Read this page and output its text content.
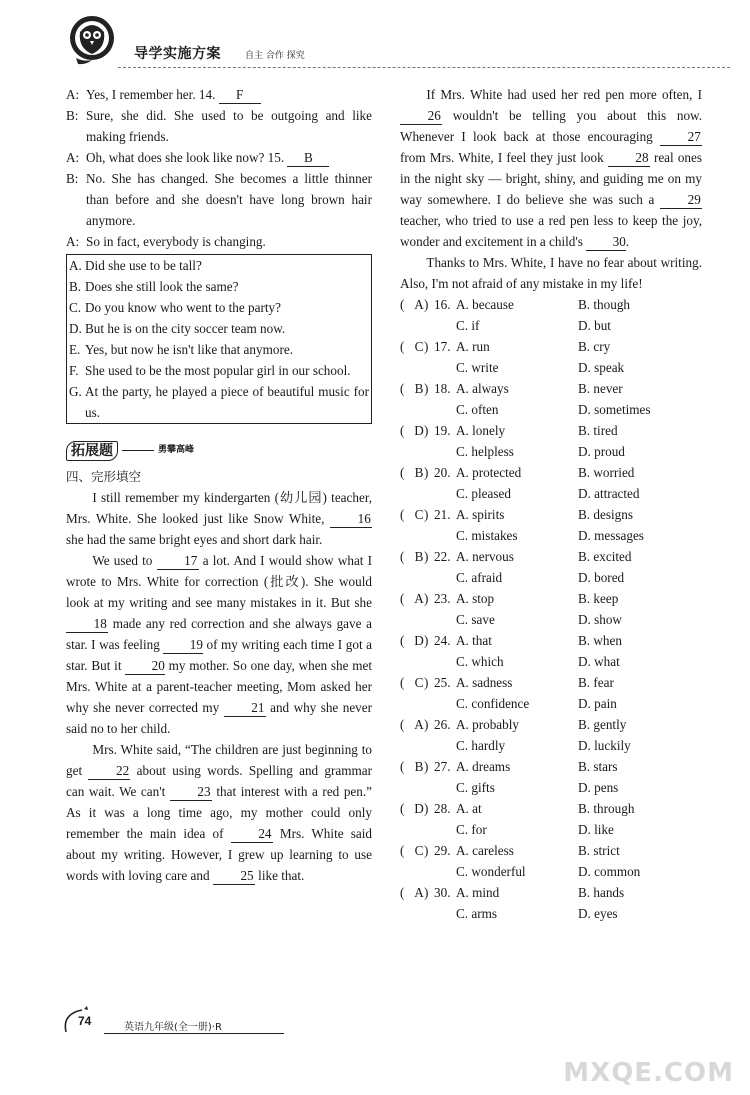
导学实施方案	自主 合作 探究
A: Yes, I remember her. 14. F
B: Sure, she did. She used to be outgoing and like making friends.
A: Oh, what does she look like now? 15. B
B: No. She has changed. She becomes a little thinner than before and she doesn't have long brown hair anymore.
A: So in fact, everybody is changing.
A. Did she use to be tall?
B. Does she still look the same?
C. Do you know who went to the party?
D. But he is on the city soccer team now.
E. Yes, but now he isn't like that anymore.
F. She used to be the most popular girl in our school.
G. At the party, he played a piece of beautiful music for us.
拓展题	勇攀高峰
四、完形填空
I still remember my kindergarten (幼儿园) teacher, Mrs. White. She looked just like Snow White,	16 she had the same bright eyes and short dark hair.
We used to 17 a lot. And I would show what I wrote to Mrs. White for correction (批改). She would look at my writing and see many mistakes in it. But she 18 made any red correction and she always gave a star. I was feeling 19 of my writing each time I got a star. But it 20 my mother. So one day, when she met Mrs. White at a parent-teacher meeting, Mom asked her why she never corrected my 21 and why she never said no to her child.
Mrs. White said, “The children are just beginning to get	22 about using words. Spelling and grammar can wait. We can't 23 that interest with a red pen.” As it was a long time ago, my mother could only remember the main idea of	24 Mrs. White said about my writing. However, I grew up learning to use words with loving care and 25 like that.
If Mrs. White had used her red pen more often, I 26 wouldn't be telling you about this now. Whenever I look back at those encouraging	27 from Mrs. White, I feel they just look 28 real ones in the night sky — bright, shiny, and guiding me on my way somewhere. I do believe she was such a	29 teacher, who tried to use a red pen less to keep the joy, wonder and excitement in a child's 30.
Thanks to Mrs. White, I have no fear about writing. Also, I'm not afraid of any mistake in my life!
( A ) 16. A. because	B. though
C. if	D. but
( C ) 17. A. run	B. cry
C. write	D. speak
( B ) 18. A. always	B. never
C. often	D. sometimes
( D ) 19. A. lonely	B. tired
C. helpless	D. proud
( B ) 20. A. protected	B. worried
C. pleased	D. attracted
( C ) 21. A. spirits	B. designs
C. mistakes	D. messages
( B ) 22. A. nervous	B. excited
C. afraid	D. bored
( A ) 23. A. stop	B. keep
C. save	D. show
( D ) 24. A. that	B. when
C. which	D. what
( C ) 25. A. sadness	B. fear
C. confidence	D. pain
( A ) 26. A. probably	B. gently
C. hardly	D. luckily
( B ) 27. A. dreams	B. stars
C. gifts	D. pens
( D ) 28. A. at	B. through
C. for	D. like
( C ) 29. A. careless	B. strict
C. wonderful	D. common
( A ) 30. A. mind	B. hands
C. arms	D. eyes
74	英语九年级(全一册)·R
MXQE.COM
